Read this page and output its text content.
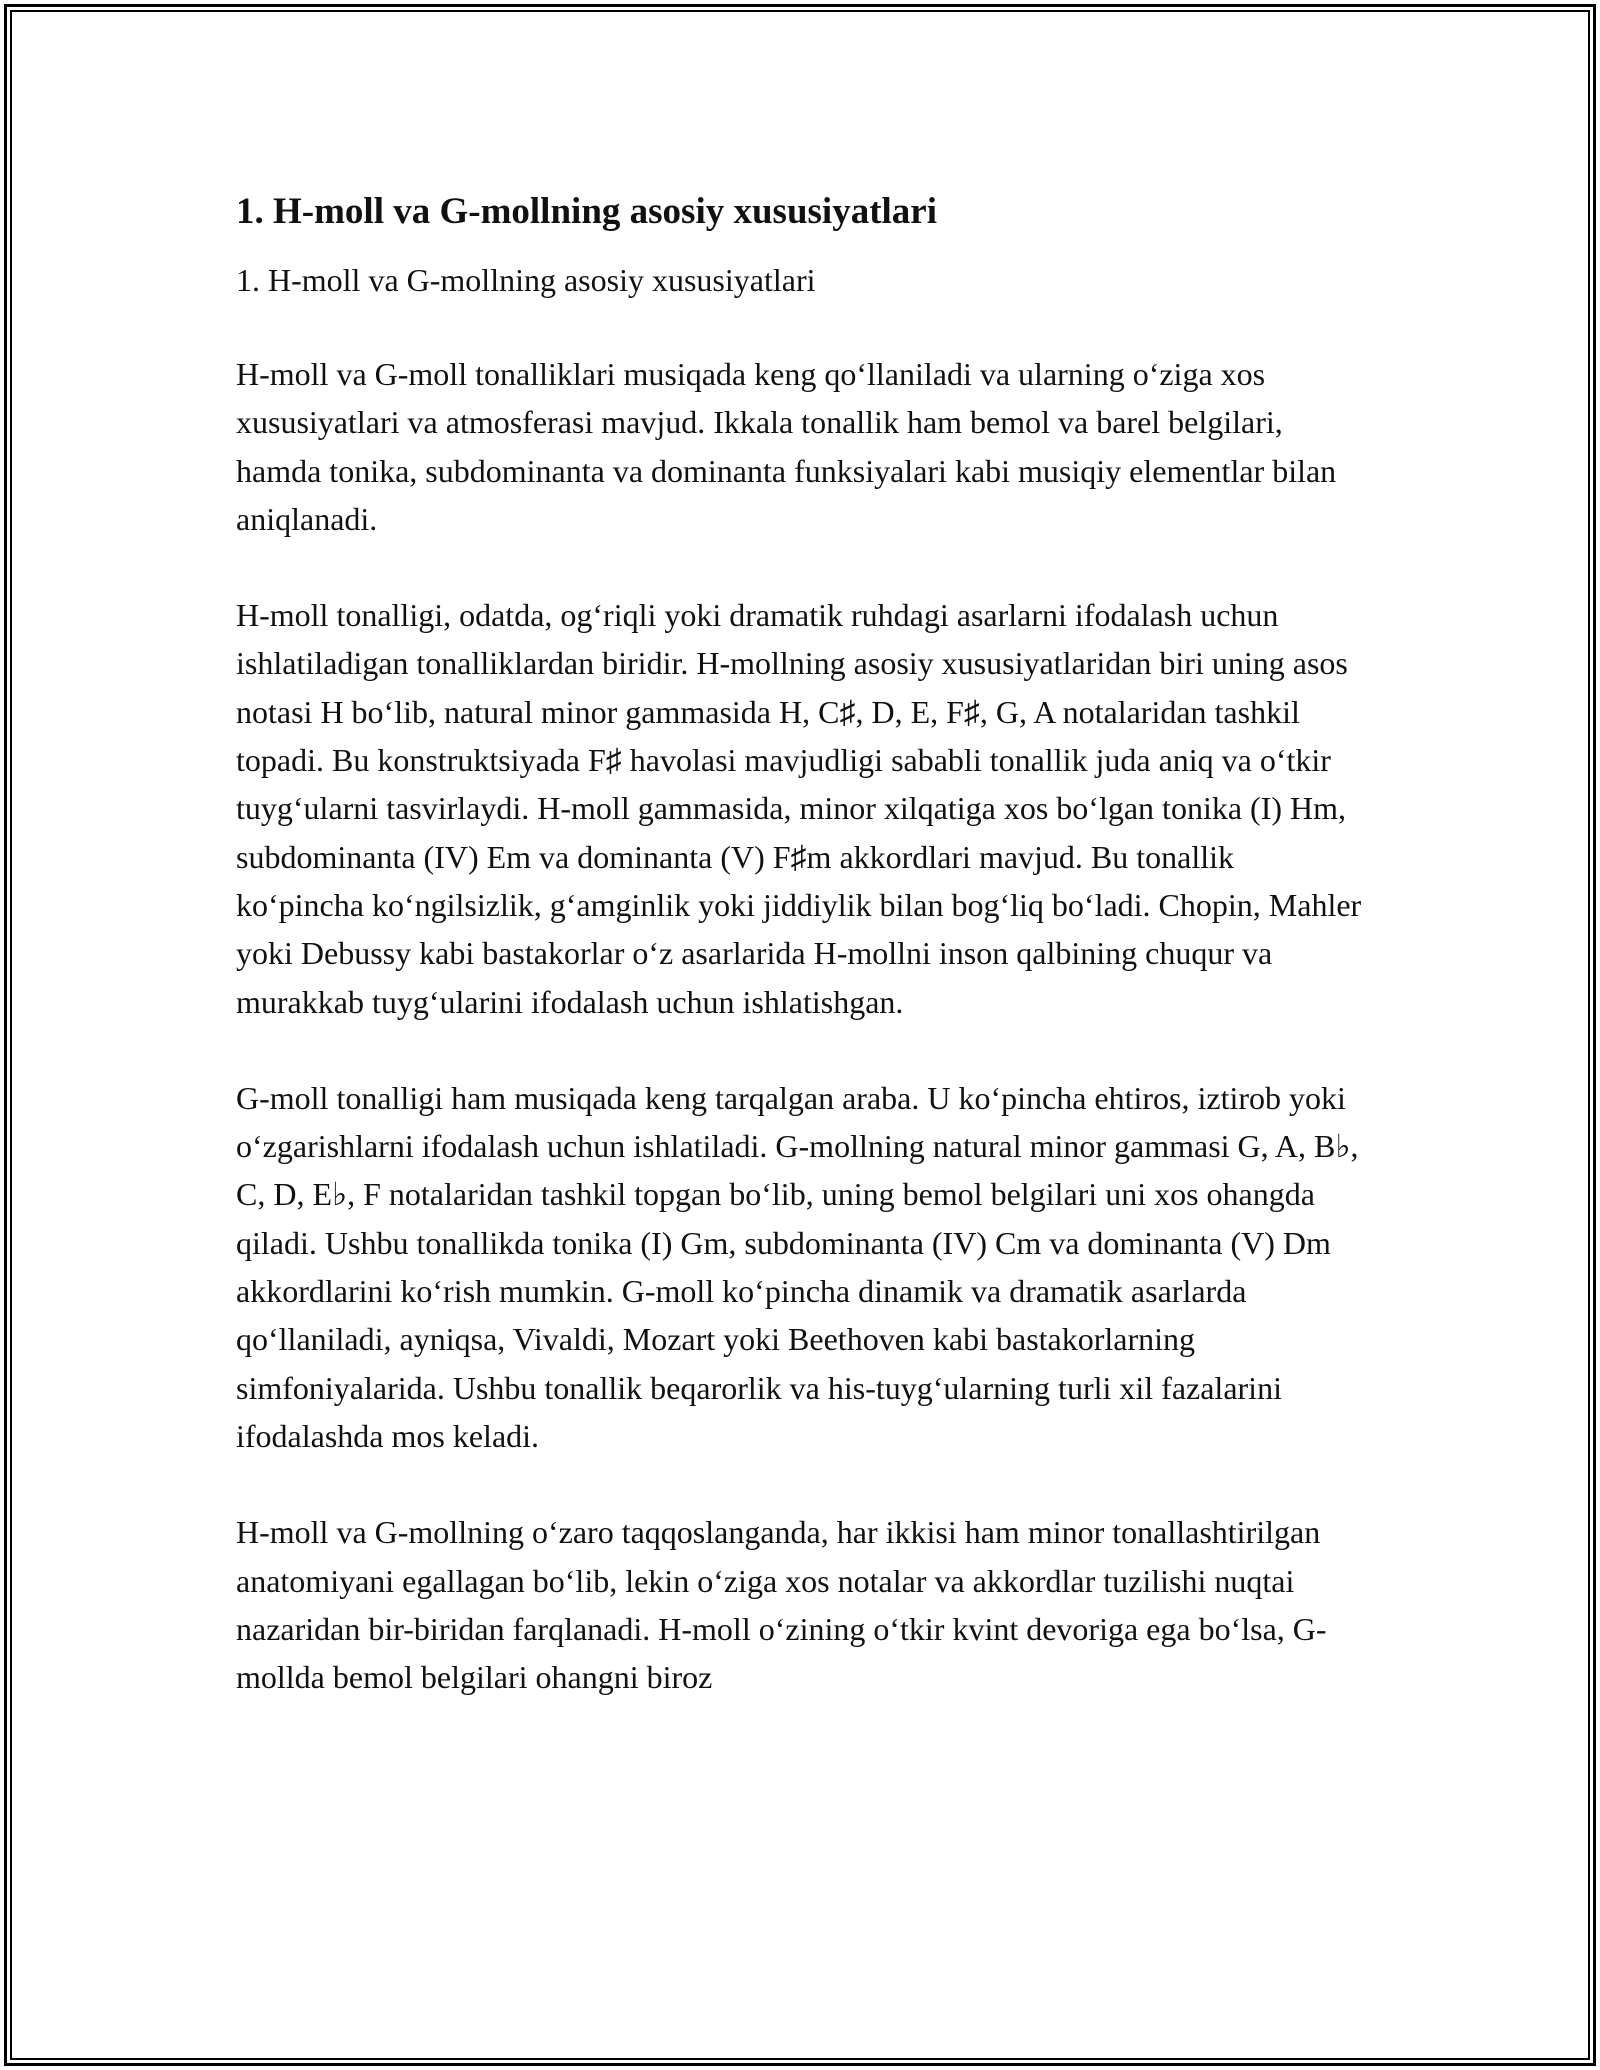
1. H-moll va G-mollning asosiy xususiyatlari

1. H-moll va G-mollning asosiy xususiyatlari

H-moll va G-moll tonalliklari musiqada keng qo‘llaniladi va ularning o‘ziga xos xususiyatlari va atmosferasi mavjud. Ikkala tonallik ham bemol va barel belgilari, hamda tonika, subdominanta va dominanta funksiyalari kabi musiqiy elementlar bilan aniqlanadi.

H-moll tonalligi, odatda, og‘riqli yoki dramatik ruhdagi asarlarni ifodalash uchun ishlatiladigan tonalliklardan biridir. H-mollning asosiy xususiyatlaridan biri uning asos notasi H bo‘lib, natural minor gammasida H, C♯, D, E, F♯, G, A notalaridan tashkil topadi. Bu konstruktsiyada F♯ havolasi mavjudligi sababli tonallik juda aniq va o‘tkir tuyg‘ularni tasvirlaydi. H-moll gammasida, minor xilqatiga xos bo‘lgan tonika (I) Hm, subdominanta (IV) Em va dominanta (V) F♯m akkordlari mavjud. Bu tonallik ko‘pincha ko‘ngilsizlik, g‘amginlik yoki jiddiylik bilan bog‘liq bo‘ladi. Chopin, Mahler yoki Debussy kabi bastakorlar o‘z asarlarida H-mollni inson qalbining chuqur va murakkab tuyg‘ularini ifodalash uchun ishlatishgan.

G-moll tonalligi ham musiqada keng tarqalgan araba. U ko‘pincha ehtiros, iztirob yoki o‘zgarishlarni ifodalash uchun ishlatiladi. G-mollning natural minor gammasi G, A, B♭, C, D, E♭, F notalaridan tashkil topgan bo‘lib, uning bemol belgilari uni xos ohangda qiladi. Ushbu tonallikda tonika (I) Gm, subdominanta (IV) Cm va dominanta (V) Dm akkordlarini ko‘rish mumkin. G-moll ko‘pincha dinamik va dramatik asarlarda qo‘llaniladi, ayniqsa, Vivaldi, Mozart yoki Beethoven kabi bastakorlarning simfoniyalarida. Ushbu tonallik beqarorlik va his-tuyg‘ularning turli xil fazalarini ifodalashda mos keladi.

H-moll va G-mollning o‘zaro taqqoslanganda, har ikkisi ham minor tonallashtirilgan anatomiyani egallagan bo‘lib, lekin o‘ziga xos notalar va akkordlar tuzilishi nuqtai nazaridan bir-biridan farqlanadi. H-moll o‘zining o‘tkir kvint devoriga ega bo‘lsa, G-mollda bemol belgilari ohangni biroz
